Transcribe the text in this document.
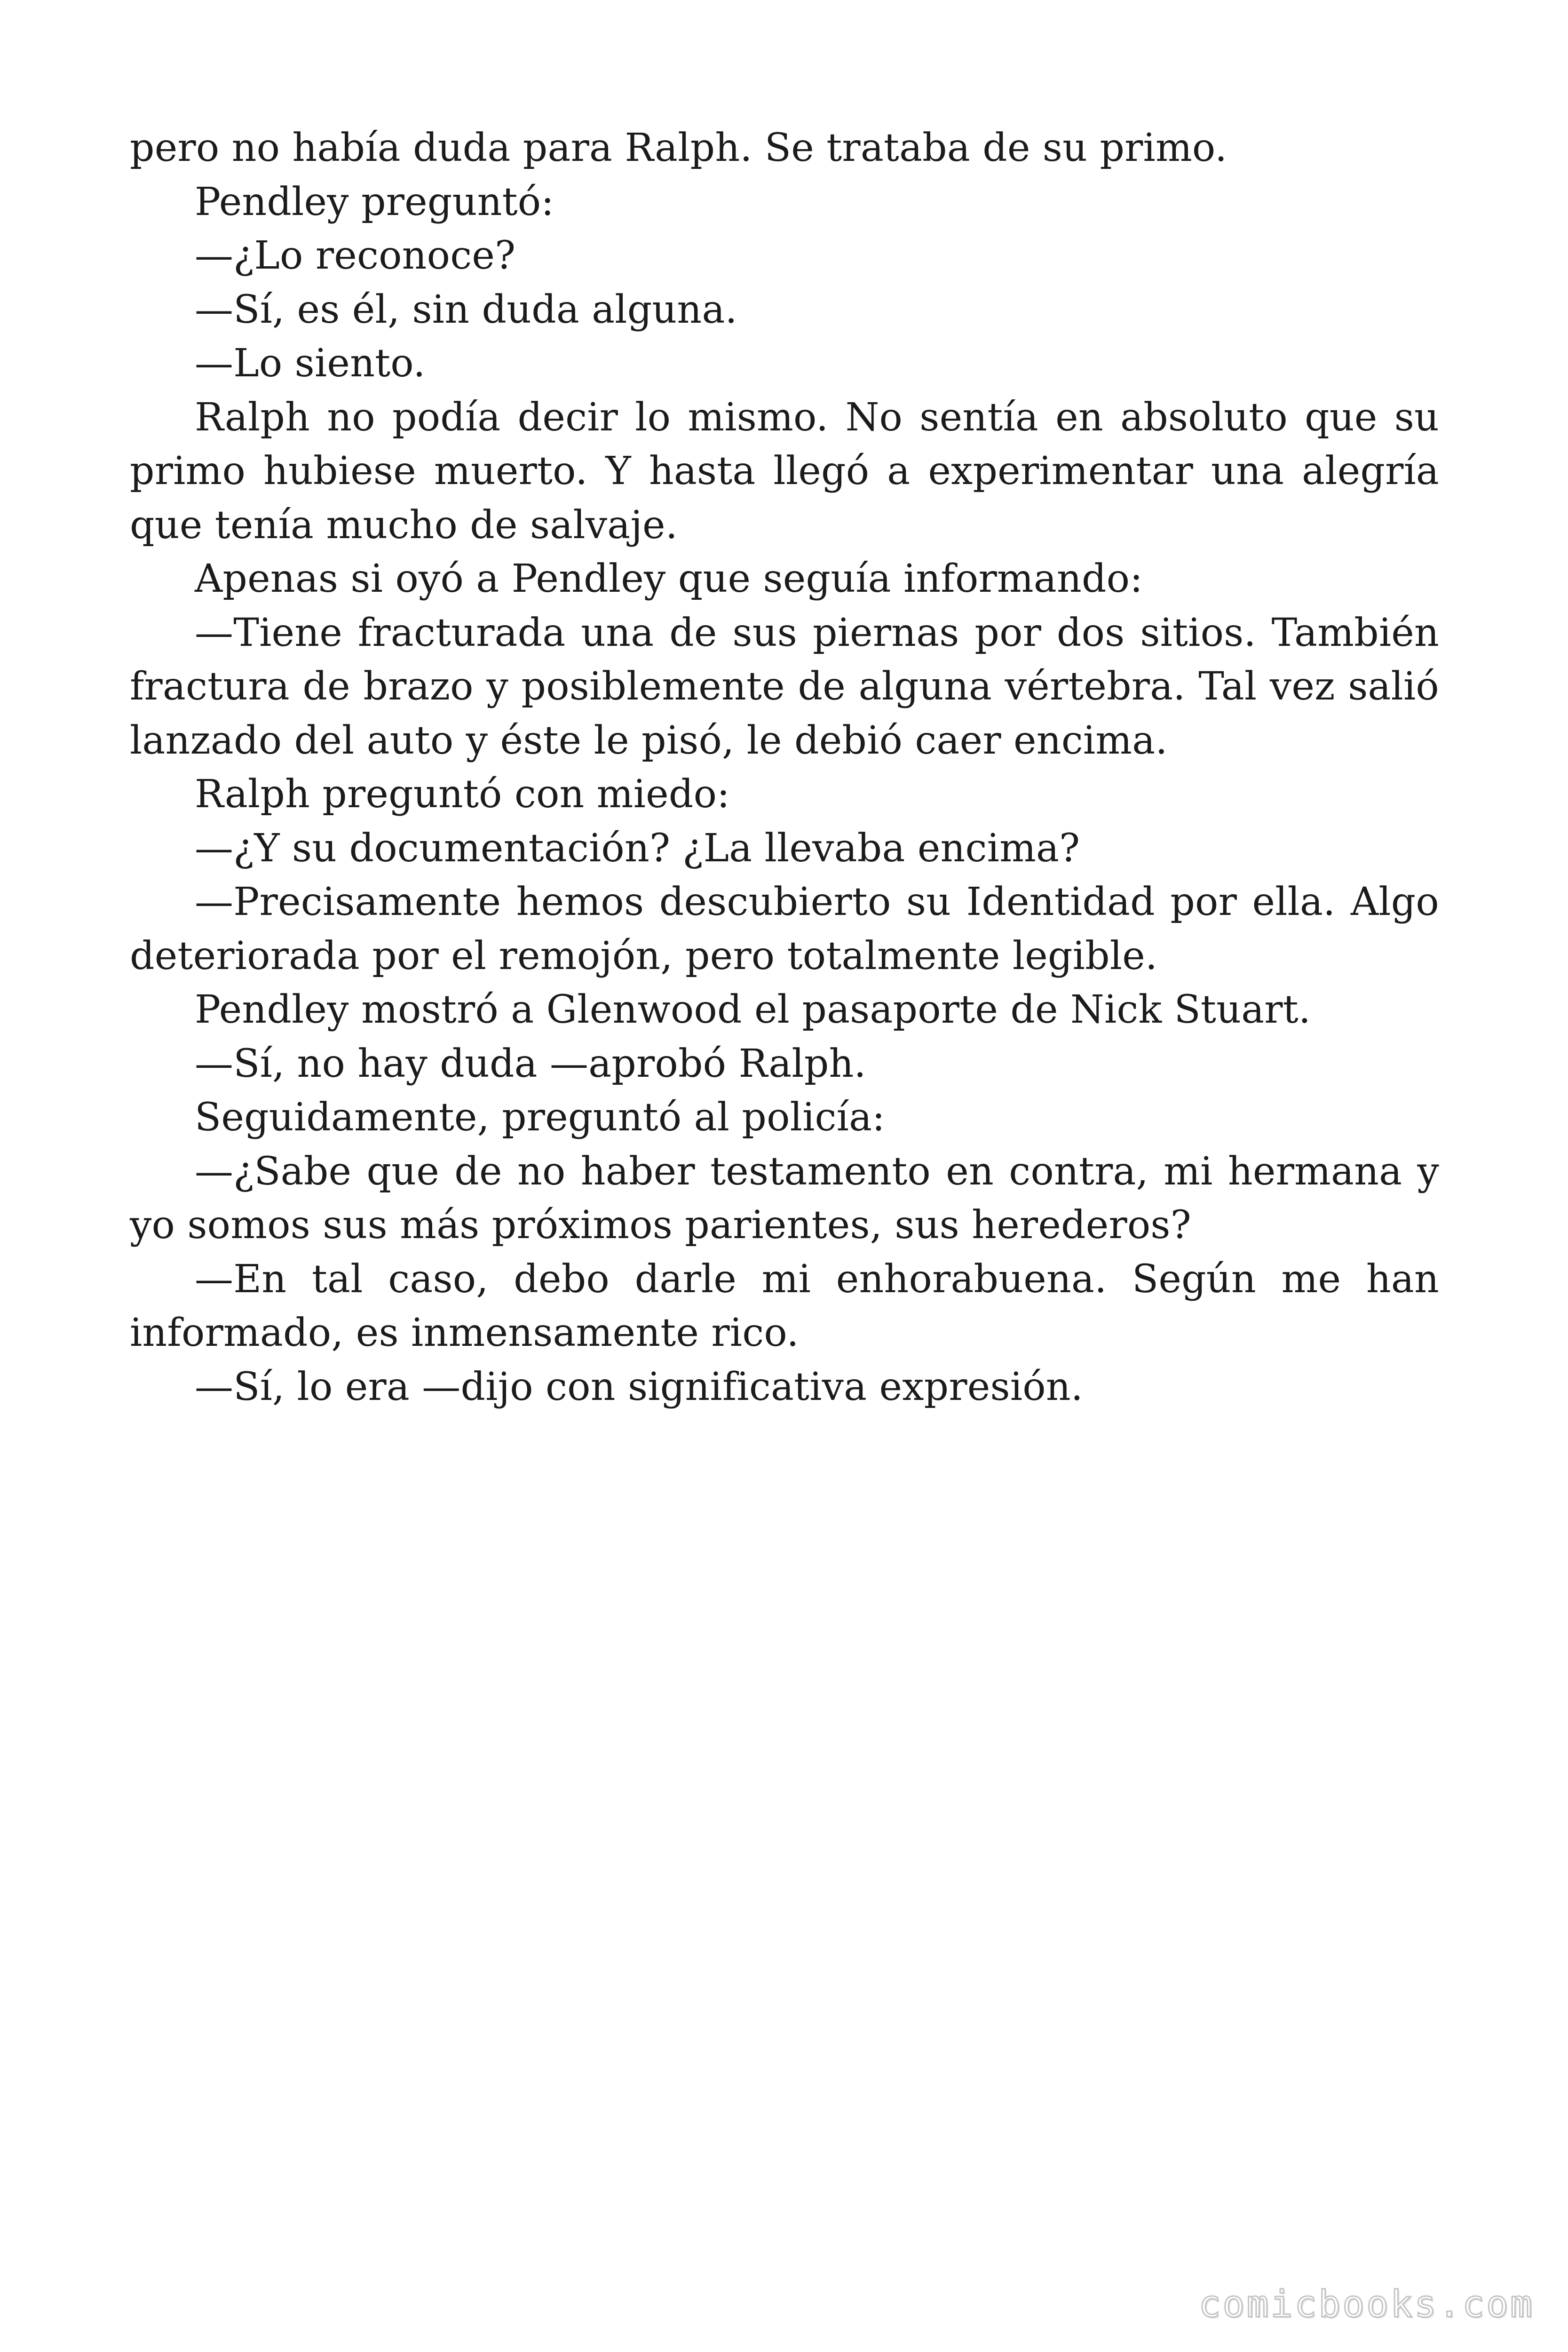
pero no había duda para Ralph. Se trataba de su primo.

Pendley preguntó:

—¿Lo reconoce?

—Sí, es él, sin duda alguna.

—Lo siento.

Ralph no podía decir lo mismo. No sentía en absoluto que su primo hubiese muerto. Y hasta llegó a experimentar una alegría que tenía mucho de salvaje.

Apenas si oyó a Pendley que seguía informando:

—Tiene fracturada una de sus piernas por dos sitios. También fractura de brazo y posiblemente de alguna vértebra. Tal vez salió lanzado del auto y éste le pisó, le debió caer encima.

Ralph preguntó con miedo:

—¿Y su documentación? ¿La llevaba encima?

—Precisamente hemos descubierto su Identidad por ella. Algo deteriorada por el remojón, pero totalmente legible.

Pendley mostró a Glenwood el pasaporte de Nick Stuart.

—Sí, no hay duda —aprobó Ralph.

Seguidamente, preguntó al policía:

—¿Sabe que de no haber testamento en contra, mi hermana y yo somos sus más próximos parientes, sus herederos?

—En tal caso, debo darle mi enhorabuena. Según me han informado, es inmensamente rico.

—Sí, lo era —dijo con significativa expresión.

comicbooks.com
